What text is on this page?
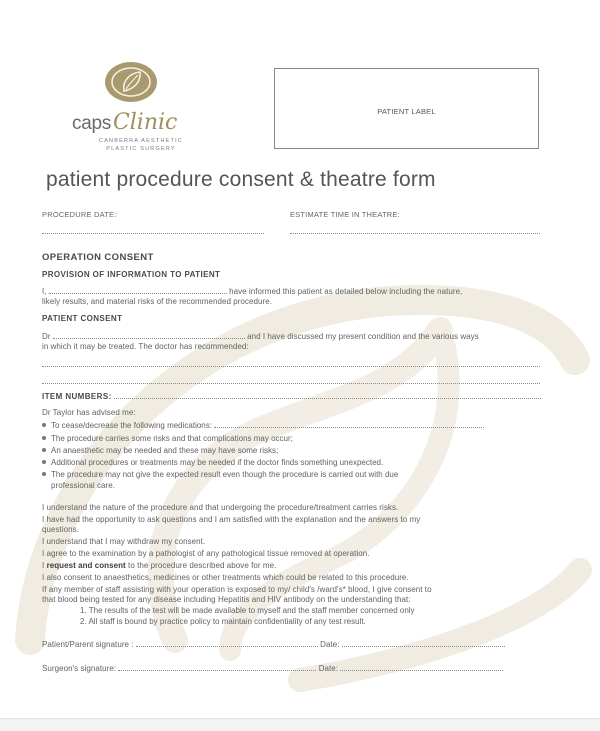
capsClinic
CANBERRA AESTHETIC
PLASTIC SURGERY
PATIENT LABEL
patient procedure consent & theatre form
PROCEDURE DATE:	ESTIMATE TIME IN THEATRE:
OPERATION CONSENT
PROVISION OF INFORMATION TO PATIENT
I,	have informed this patient as detailed below including the nature,
likely results, and material risks of the recommended procedure.
PATIENT CONSENT
Dr	and I have discussed my present condition and the various ways
in which it may be treated. The doctor has recommended:
ITEM NUMBERS:
Dr Taylor has advised me:
To cease/decrease the following medications:
The procedure carries some risks and that complications may occur;
An anaesthetic may be needed and these may have some risks;
Additional procedures or treatments may be needed if the doctor finds something unexpected.
The procedure may not give the expected result even though the procedure is carried out with due
professional care.
I understand the nature of the procedure and that undergoing the procedure/treatment carries risks.
I have had the opportunity to ask questions and I am satisfied with the explanation and the answers to my
questions.
I understand that I may withdraw my consent.
I agree to the examination by a pathologist of any pathological tissue removed at operation.
I request and consent to the procedure described above for me.
I also consent to anaesthetics, medicines or other treatments which could be related to this procedure.
If any member of staff assisting with your operation is exposed to my/ child's /ward's* blood, I give consent to
that blood being tested for any disease including Hepatitis and HIV antibody on the understanding that:
1. The results of the test will be made available to myself and the staff member concerned only
2. All staff is bound by practice policy to maintain confidentiality of any test result.
Patient/Parent signature :	Date:
Surgeon's signature:	Date:
